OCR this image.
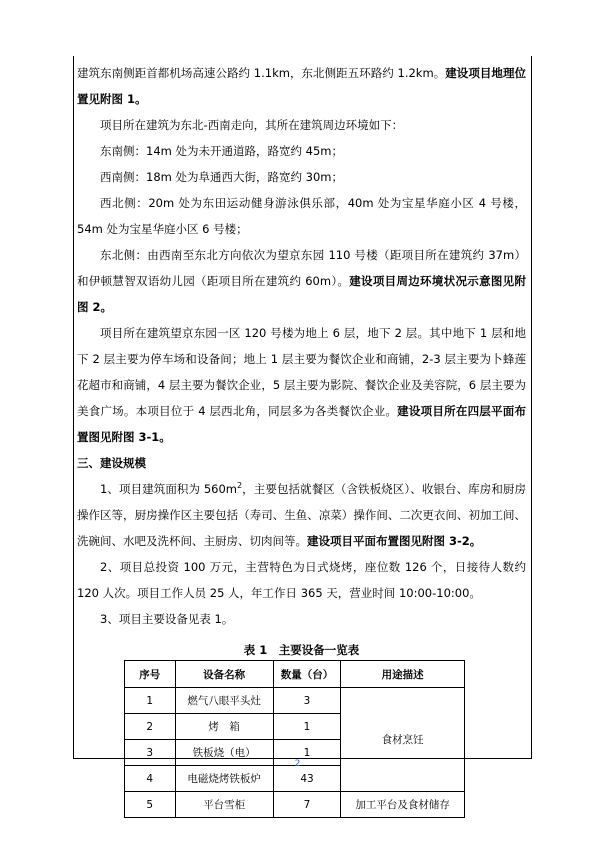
建筑东南侧距首都机场高速公路约 1.1km，东北侧距五环路约 1.2km。建设项目地理位置见附图 1。

项目所在建筑为东北-西南走向，其所在建筑周边环境如下：

东南侧：14m 处为未开通道路，路宽约 45m；

西南侧：18m 处为阜通西大街，路宽约 30m；

西北侧：20m 处为东田运动健身游泳俱乐部，40m 处为宝星华庭小区 4 号楼，54m 处为宝星华庭小区 6 号楼；

东北侧：由西南至东北方向依次为望京东园 110 号楼（距项目所在建筑约 37m）和伊顿慧智双语幼儿园（距项目所在建筑约 60m）。建设项目周边环境状况示意图见附图 2。

项目所在建筑望京东园一区 120 号楼为地上 6 层，地下 2 层。其中地下 1 层和地下 2 层主要为停车场和设备间；地上 1 层主要为餐饮企业和商铺，2-3 层主要为卜蜂莲花超市和商铺，4 层主要为餐饮企业，5 层主要为影院、餐饮企业及美容院，6 层主要为美食广场。本项目位于 4 层西北角，同层多为各类餐饮企业。建设项目所在四层平面布置图见附图 3-1。

三、建设规模

1、项目建筑面积为 $560m^2$，主要包括就餐区（含铁板烧区）、收银台、库房和厨房操作区等，厨房操作区主要包括（寿司、生鱼、凉菜）操作间、二次更衣间、初加工间、洗碗间、水吧及洗杯间、主厨房、切肉间等。建设项目平面布置图见附图 3-2。

2、项目总投资 100 万元，主营特色为日式烧烤，座位数 126 个，日接待人数约 120 人次。项目工作人员 25 人，年工作日 365 天，营业时间 10:00-10:00。

3、项目主要设备见表 1。

表 1　主要设备一览表
序号	设备名称	数量（台）	用途描述
1	燃气八眼平头灶	3	食材烹饪
2	烤　箱	1	
3	铁板烧（电）	1	
4	电磁烧烤铁板炉	43	
5	平台雪柜	7	加工平台及食材储存
2
